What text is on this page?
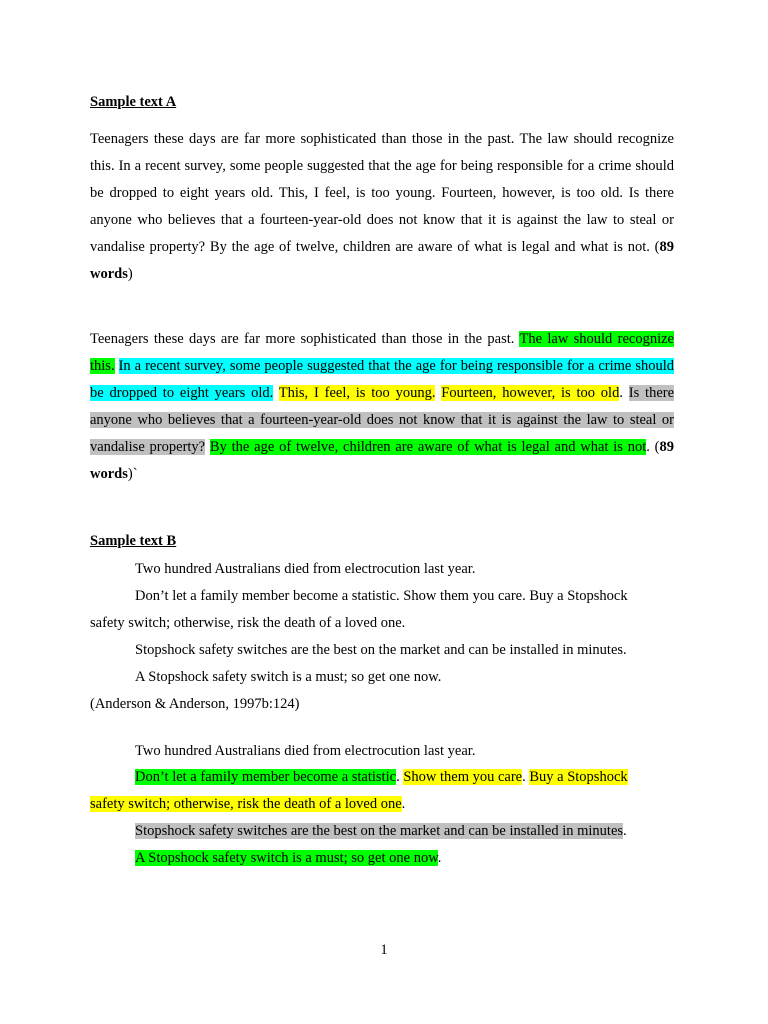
Sample text A

Teenagers these days are far more sophisticated than those in the past. The law should recognize this. In a recent survey, some people suggested that the age for being responsible for a crime should be dropped to eight years old. This, I feel, is too young. Fourteen, however, is too old. Is there anyone who believes that a fourteen-year-old does not know that it is against the law to steal or vandalise property? By the age of twelve, children are aware of what is legal and what is not. (89 words)

Teenagers these days are far more sophisticated than those in the past. The law should recognize this. In a recent survey, some people suggested that the age for being responsible for a crime should be dropped to eight years old. This, I feel, is too young. Fourteen, however, is too old. Is there anyone who believes that a fourteen-year-old does not know that it is against the law to steal or vandalise property? By the age of twelve, children are aware of what is legal and what is not. (89 words)`

Sample text B

Two hundred Australians died from electrocution last year.

Don’t let a family member become a statistic. Show them you care. Buy a Stopshock

safety switch; otherwise, risk the death of a loved one.

Stopshock safety switches are the best on the market and can be installed in minutes.

A Stopshock safety switch is a must; so get one now.

(Anderson & Anderson, 1997b:124)

Two hundred Australians died from electrocution last year.

Don’t let a family member become a statistic. Show them you care. Buy a Stopshock

safety switch; otherwise, risk the death of a loved one.

Stopshock safety switches are the best on the market and can be installed in minutes.

A Stopshock safety switch is a must; so get one now.

1
